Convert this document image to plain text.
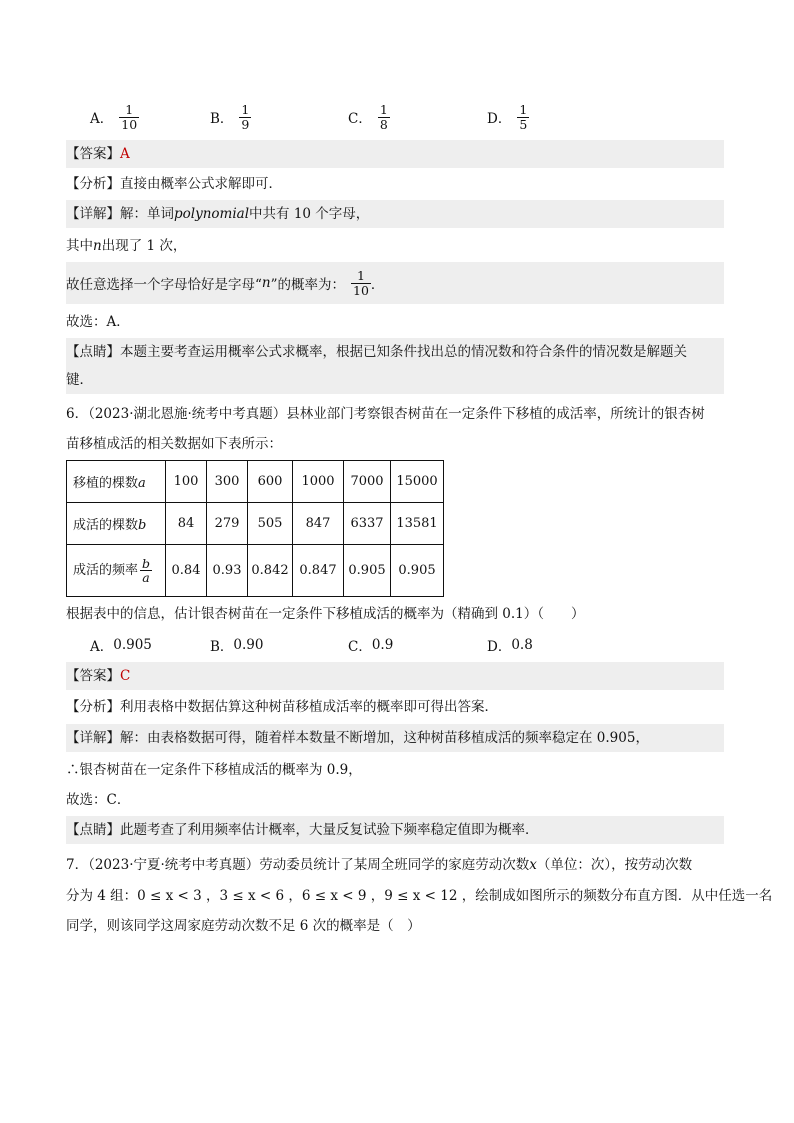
A． $\frac{1}{10}$	B． $\frac{1}{9}$	C． $\frac{1}{8}$	D． $\frac{1}{5}$
【答案】A
【分析】直接由概率公式求解即可．
【详解】解：单词polynomial中共有 10 个字母，
其中n出现了 1 次，
故任意选择一个字母恰好是字母“ n ”的概率为： $\frac{1}{10}$ ．
故选：A．
【点睛】本题主要考查运用概率公式求概率，根据已知条件找出总的情况数和符合条件的情况数是解题关
键．
6．（2023·湖北恩施·统考中考真题）县林业部门考察银杏树苗在一定条件下移植的成活率，所统计的银杏树
苗移植成活的相关数据如下表所示：
移植的棵数a	100	300	600	1000	7000	15000
成活的棵数b	84	279	505	847	6337	13581
成活的频率 $\frac{b}{a}$	0.84	0.93	0.842	0.847	0.905	0.905
根据表中的信息，估计银杏树苗在一定条件下移植成活的概率为（精确到 0.1）（　　）
A． 0.905	B． 0.90	C． 0.9	D． 0.8
【答案】C
【分析】利用表格中数据估算这种树苗移植成活率的概率即可得出答案．
【详解】解：由表格数据可得，随着样本数量不断增加，这种树苗移植成活的频率稳定在 0.905，
∴银杏树苗在一定条件下移植成活的概率为 0.9，
故选：C．
【点睛】此题考查了利用频率估计概率，大量反复试验下频率稳定值即为概率．
7．（2023·宁夏·统考中考真题）劳动委员统计了某周全班同学的家庭劳动次数x（单位：次），按劳动次数
分为 4 组：0 ≤ x < 3 ，3 ≤ x < 6 ，6 ≤ x < 9 ，9 ≤ x < 12 ，绘制成如图所示的频数分布直方图．从中任选一名
同学，则该同学这周家庭劳动次数不足 6 次的概率是（　）
